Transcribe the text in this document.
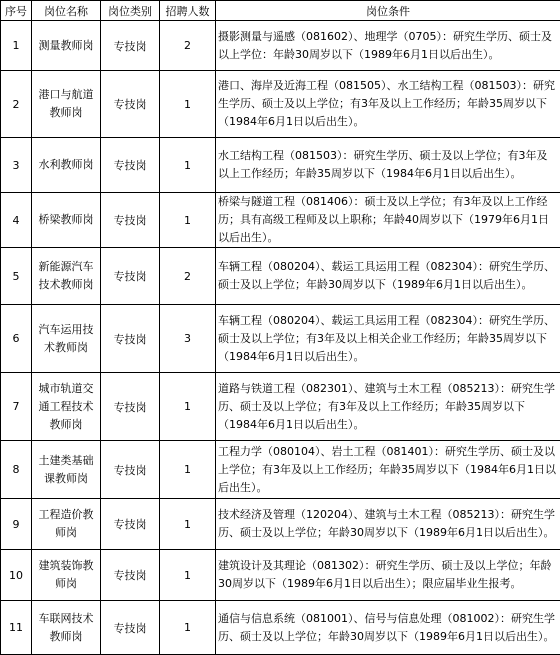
序号	岗位名称	岗位类别	招聘人数	岗位条件
1	测量教师岗	专技岗	2	摄影测量与遥感（081602）、地理学（0705）：研究生学历、硕士及以上学位：年龄30周岁以下（1989年6月1日以后出生）。
2	港口与航道教师岗	专技岗	1	港口、海岸及近海工程（081505）、水工结构工程（081503）：研究生学历、硕士及以上学位；有3年及以上工作经历；年龄35周岁以下（1984年6月1日以后出生）。
3	水利教师岗	专技岗	1	水工结构工程（081503）：研究生学历、硕士及以上学位；有3年及以上工作经历；年龄35周岁以下（1984年6月1日以后出生）。
4	桥梁教师岗	专技岗	1	桥梁与隧道工程（081406）：硕士及以上学位；有3年及以上工作经历；具有高级工程师及以上职称；年龄40周岁以下（1979年6月1日以后出生）。
5	新能源汽车技术教师岗	专技岗	2	车辆工程（080204）、载运工具运用工程（082304）：研究生学历、硕士及以上学位；年龄30周岁以下（1989年6月1日以后出生）。
6	汽车运用技术教师岗	专技岗	3	车辆工程（080204）、载运工具运用工程（082304）：研究生学历、硕士及以上学位；有3年及以上相关企业工作经历；年龄35周岁以下（1984年6月1日以后出生）。
7	城市轨道交通工程技术教师岗	专技岗	1	道路与铁道工程（082301）、建筑与土木工程（085213）：研究生学历、硕士及以上学位；有3年及以上工作经历；年龄35周岁以下（1984年6月1日以后出生）。
8	土建类基础课教师岗	专技岗	1	工程力学（080104）、岩土工程（081401）：研究生学历、硕士及以上学位；有3年及以上工作经历；年龄35周岁以下（1984年6月1日以后出生）。
9	工程造价教师岗	专技岗	1	技术经济及管理（120204）、建筑与土木工程（085213）：研究生学历、硕士及以上学位；年龄30周岁以下（1989年6月1日以后出生）。
10	建筑装饰教师岗	专技岗	1	建筑设计及其理论（081302）：研究生学历、硕士及以上学位；年龄30周岁以下（1989年6月1日以后出生）；限应届毕业生报考。
11	车联网技术教师岗	专技岗	1	通信与信息系统（081001）、信号与信息处理（081002）：研究生学历、硕士及以上学位；年龄30周岁以下（1989年6月1日以后出生）。
